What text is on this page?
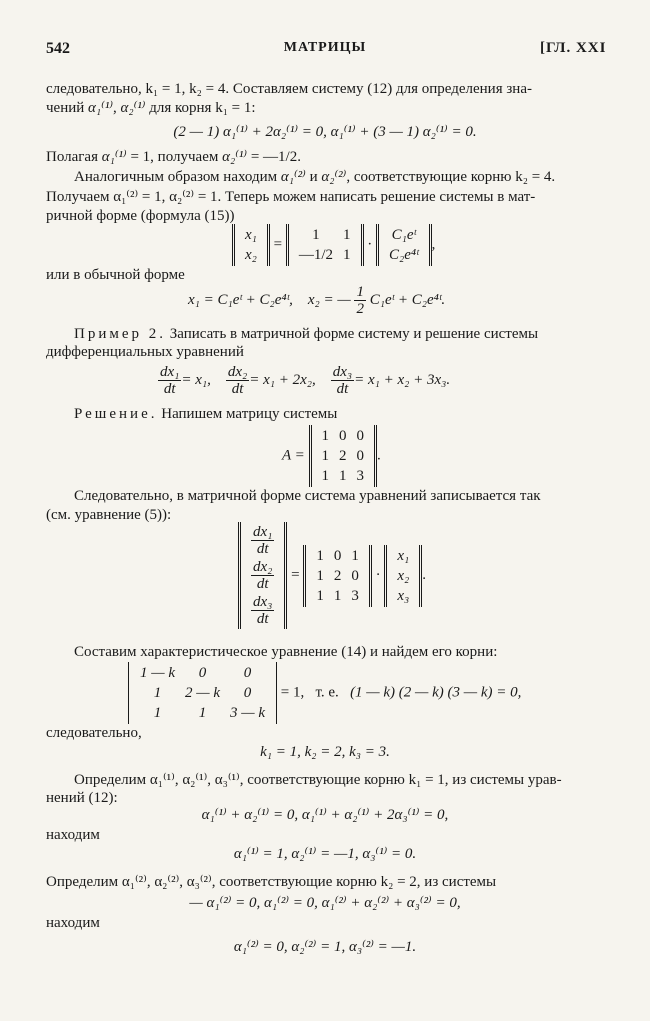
542	МАТРИЦЫ	[ГЛ. XXI
следовательно, k₁ = 1, k₂ = 4. Составляем систему (12) для определения зна-
чений α₁⁽¹⁾, α₂⁽¹⁾ для корня k₁ = 1:
(2 — 1) α₁⁽¹⁾ + 2α₂⁽¹⁾ = 0, α₁⁽¹⁾ + (3 — 1) α₂⁽¹⁾ = 0.
Полагая α₁⁽¹⁾ = 1, получаем α₂⁽¹⁾ = —1/2.
Аналогичным образом находим α₁⁽²⁾ и α₂⁽²⁾, соответствующие корню k₂ = 4.
Получаем α₁⁽²⁾ = 1, α₂⁽²⁾ = 1. Теперь можем написать решение системы в мат-
ричной форме (формула (15))
x₁
x₂
=
1	1
—1/2	1
·
C₁eᵗ
C₂e⁴ᵗ
,
или в обычной форме
x₁ = C₁eᵗ + C₂e⁴ᵗ, x₂ = — $\frac{1}{2}$ C₁eᵗ + C₂e⁴ᵗ.
Пример 2. Записать в матричной форме систему и решение системы
дифференциальных уравнений
$\frac{\text{dx₁}}{dt} = x_1$, $\frac{\text{dx₂}}{dt} = x_1 + 2x_2$, $\frac{\text{dx₃}}{dt} = x_1 + x_2 + 3x_3$.
Решение. Напишем матрицу системы
A =
1	0	0
1	2	0
1	1	3
.
Следовательно, в матричной форме система уравнений записывается так
(см. уравнение (5)):
$\frac{\text{dx₁}}{dt}$

$\frac{\text{dx₂}}{dt}$

$\frac{\text{dx₃}}{dt}$
=
1	0	1
1	2	0
1	1	3
·
x₁
x₂
x₃
.
Составим характеристическое уравнение (14) и найдем его корни:
1 — k	0	0
1	2 — k	0
1	1	3 — k
= 1, т. е. (1 — k) (2 — k) (3 — k) = 0,
следовательно,
k₁ = 1, k₂ = 2, k₃ = 3.
Определим α₁⁽¹⁾, α₂⁽¹⁾, α₃⁽¹⁾, соответствующие корню k₁ = 1, из системы урав-
нений (12):
α₁⁽¹⁾ + α₂⁽¹⁾ = 0, α₁⁽¹⁾ + α₂⁽¹⁾ + 2α₃⁽¹⁾ = 0,
находим
α₁⁽¹⁾ = 1, α₂⁽¹⁾ = —1, α₃⁽¹⁾ = 0.
Определим α₁⁽²⁾, α₂⁽²⁾, α₃⁽²⁾, соответствующие корню k₂ = 2, из системы
— α₁⁽²⁾ = 0, α₁⁽²⁾ = 0, α₁⁽²⁾ + α₂⁽²⁾ + α₃⁽²⁾ = 0,
находим
α₁⁽²⁾ = 0, α₂⁽²⁾ = 1, α₃⁽²⁾ = —1.
